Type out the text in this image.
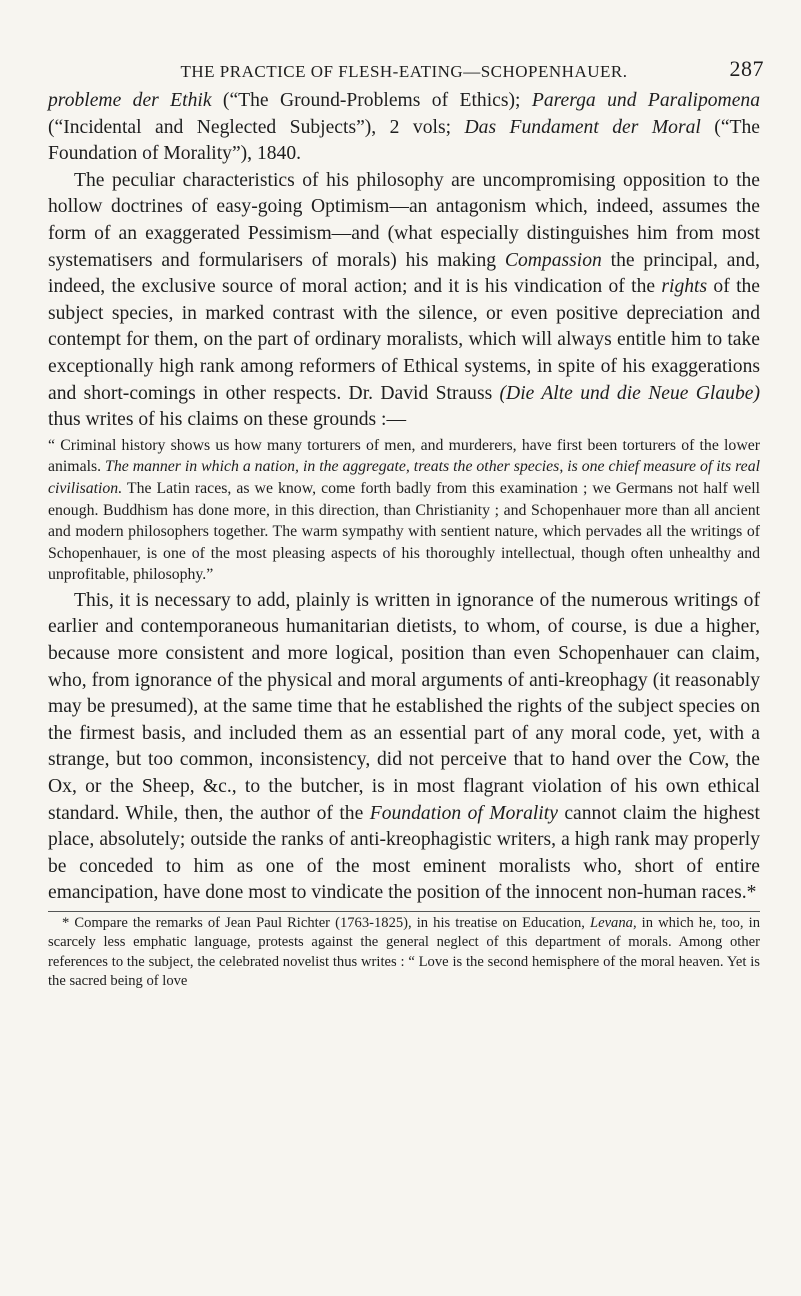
THE PRACTICE OF FLESH-EATING—SCHOPENHAUER.	287

probleme der Ethik (“The Ground-Problems of Ethics); Parerga und Paralipomena (“Incidental and Neglected Subjects”), 2 vols; Das Fundament der Moral (“The Foundation of Morality”), 1840.

The peculiar characteristics of his philosophy are uncompromising opposition to the hollow doctrines of easy-going Optimism—an antagonism which, indeed, assumes the form of an exaggerated Pessimism—and (what especially distinguishes him from most systematisers and formularisers of morals) his making Compassion the principal, and, indeed, the exclusive source of moral action; and it is his vindication of the rights of the subject species, in marked contrast with the silence, or even positive depreciation and contempt for them, on the part of ordinary moralists, which will always entitle him to take exceptionally high rank among reformers of Ethical systems, in spite of his exaggerations and short-comings in other respects. Dr. David Strauss (Die Alte und die Neue Glaube) thus writes of his claims on these grounds :—

“ Criminal history shows us how many torturers of men, and murderers, have first been torturers of the lower animals. The manner in which a nation, in the aggregate, treats the other species, is one chief measure of its real civilisation. The Latin races, as we know, come forth badly from this examination ; we Germans not half well enough. Buddhism has done more, in this direction, than Christianity ; and Schopenhauer more than all ancient and modern philosophers together. The warm sympathy with sentient nature, which pervades all the writings of Schopenhauer, is one of the most pleasing aspects of his thoroughly intellectual, though often unhealthy and unprofitable, philosophy.”

This, it is necessary to add, plainly is written in ignorance of the numerous writings of earlier and contemporaneous humanitarian dietists, to whom, of course, is due a higher, because more consistent and more logical, position than even Schopenhauer can claim, who, from ignorance of the physical and moral arguments of anti-kreophagy (it reasonably may be presumed), at the same time that he established the rights of the subject species on the firmest basis, and included them as an essential part of any moral code, yet, with a strange, but too common, inconsistency, did not perceive that to hand over the Cow, the Ox, or the Sheep, &c., to the butcher, is in most flagrant violation of his own ethical standard. While, then, the author of the Foundation of Morality cannot claim the highest place, absolutely; outside the ranks of anti-kreophagistic writers, a high rank may properly be conceded to him as one of the most eminent moralists who, short of entire emancipation, have done most to vindicate the position of the innocent non-human races.*

* Compare the remarks of Jean Paul Richter (1763-1825), in his treatise on Education, Levana, in which he, too, in scarcely less emphatic language, protests against the general neglect of this department of morals. Among other references to the subject, the celebrated novelist thus writes : “ Love is the second hemisphere of the moral heaven. Yet is the sacred being of love
